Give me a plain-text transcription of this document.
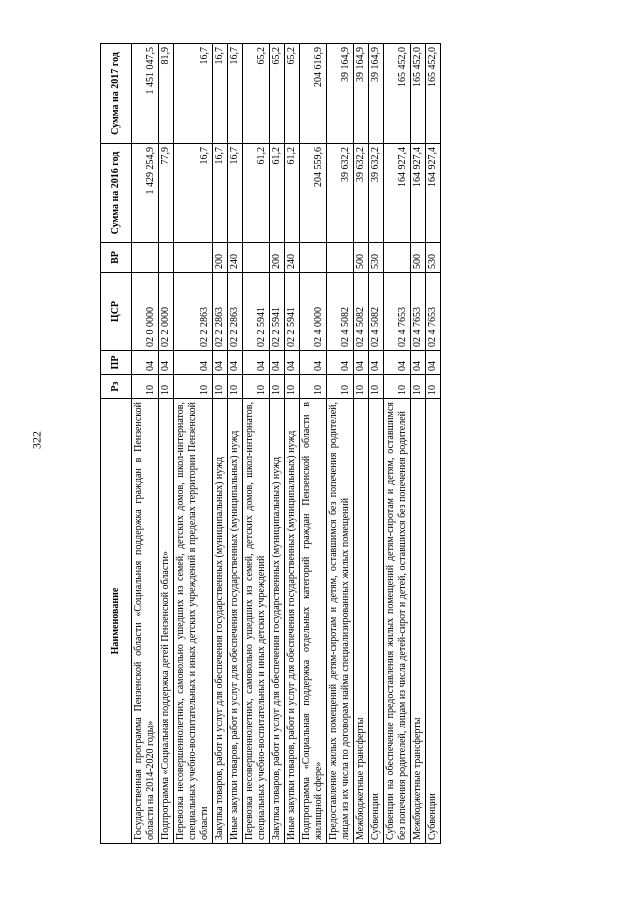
322
Наименование	Рз	ПР	ЦСР	ВР	Сумма на 2016 год	Сумма на 2017 год
Государственная программа Пензенской области «Социальная поддержка граждан в Пензенской области на 2014-2020 годы»	10	04	02 0 0000		1 429 254,9	1 451 047,5
Подпрограмма «Социальная поддержка детей Пензенской области»	10	04	02 2 0000		77,9	81,9
Перевозка несовершеннолетних, самовольно ушедших из семей, детских домов, школ-интернатов, специальных учебно-воспитательных и иных детских учреждений в пределах территории Пензенской области	10	04	02 2 2863		16,7	16,7
Закупка товаров, работ и услуг для обеспечения государственных (муниципальных) нужд	10	04	02 2 2863	200	16,7	16,7
Иные закупки товаров, работ и услуг для обеспечения государственных (муниципальных) нужд	10	04	02 2 2863	240	16,7	16,7
Перевозка несовершеннолетних, самовольно ушедших из семей, детских домов, школ-интернатов, специальных учебно-воспитательных и иных детских учреждений	10	04	02 2 5941		61,2	65,2
Закупка товаров, работ и услуг для обеспечения государственных (муниципальных) нужд	10	04	02 2 5941	200	61,2	65,2
Иные закупки товаров, работ и услуг для обеспечения государственных (муниципальных) нужд	10	04	02 2 5941	240	61,2	65,2
Подпрограмма «Социальная поддержка отдельных категорий граждан Пензенской области в жилищной сфере»	10	04	02 4 0000		204 559,6	204 616,9
Предоставление жилых помещений детям-сиротам и детям, оставшимся без попечения родителей, лицам из их числа по договорам найма специализированных жилых помещений	10	04	02 4 5082		39 632,2	39 164,9
Межбюджетные трансферты	10	04	02 4 5082	500	39 632,2	39 164,9
Субвенции	10	04	02 4 5082	530	39 632,2	39 164,9
Субвенции на обеспечение предоставления жилых помещений детям-сиротам и детям, оставшимся без попечения родителей, лицам из числа детей-сирот и детей, оставшихся без попечения родителей	10	04	02 4 7653		164 927,4	165 452,0
Межбюджетные трансферты	10	04	02 4 7653	500	164 927,4	165 452,0
Субвенции	10	04	02 4 7653	530	164 927,4	165 452,0
